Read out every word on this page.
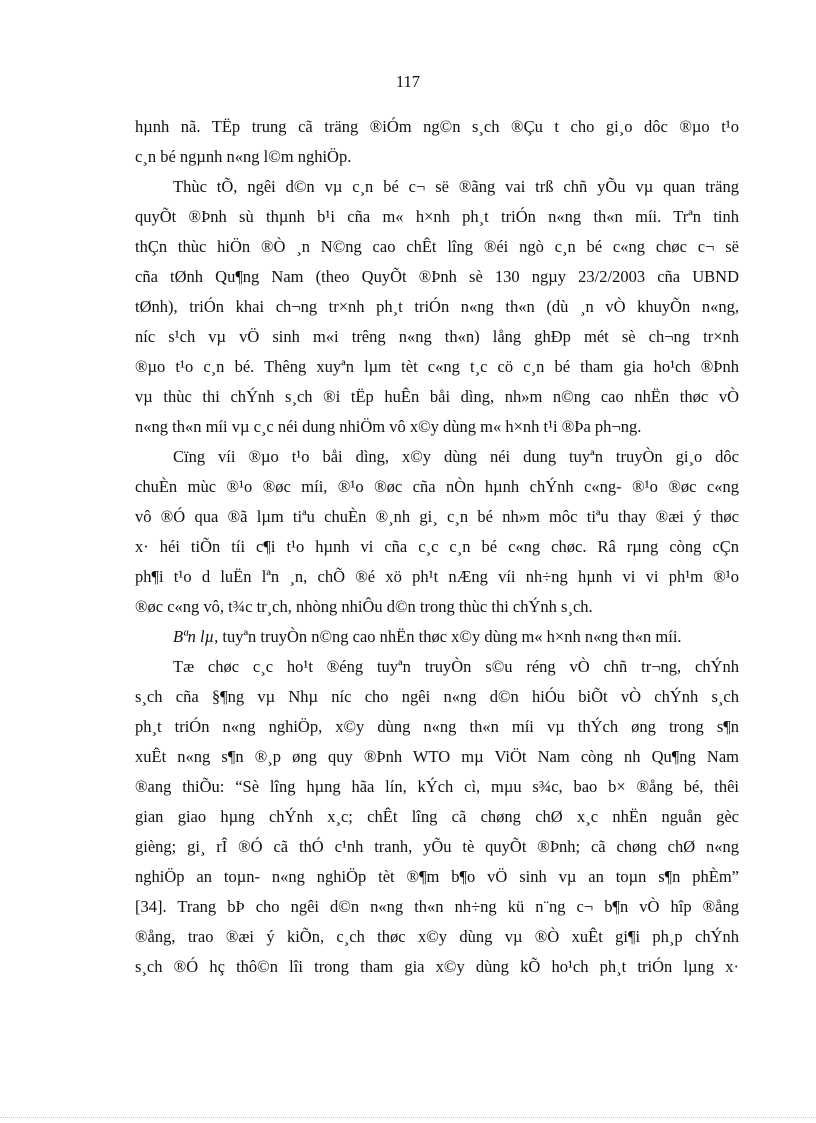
117
hµnh nã. TËp trung cã träng ®iÓm ng©n s¸ch ®Çu t cho gi¸o dôc ®µo t¹o
c¸n bé ngµnh n«ng l©m nghiÖp.
Thùc tÕ, ngêi d©n vµ c¸n bé c¬ së ®ãng vai trß chñ yÕu vµ quan träng
quyÕt ®Þnh sù thµnh b¹i cña m« h×nh ph¸t triÓn n«ng th«n míi. Trªn tinh
thÇn thùc hiÖn ®Ò ¸n N©ng cao chÊt lîng ®éi ngò c¸n bé c«ng chøc c¬ së
cña tØnh Qu¶ng Nam (theo QuyÕt ®Þnh sè 130 ngµy 23/2/2003 cña UBND
tØnh), triÓn khai ch¬ng tr×nh ph¸t triÓn n«ng th«n (dù ¸n vÒ khuyÕn n«ng,
níc s¹ch vµ vÖ sinh m«i trêng n«ng th«n) lång ghÐp mét sè ch¬ng tr×nh
®µo t¹o c¸n bé. Thêng xuyªn lµm tèt c«ng t¸c cö c¸n bé tham gia ho¹ch ®Þnh
vµ thùc thi chÝnh s¸ch ®i tËp huÊn båi dìng, nh»m n©ng cao nhËn thøc vÒ
n«ng th«n míi vµ c¸c néi dung nhiÖm vô x©y dùng m« h×nh t¹i ®Þa ph¬ng.
Cïng víi ®µo t¹o båi dìng, x©y dùng néi dung tuyªn truyÒn gi¸o dôc
chuÈn mùc ®¹o ®øc míi, ®¹o ®øc cña nÒn hµnh chÝnh c«ng- ®¹o ®øc c«ng
vô ®Ó qua ®ã lµm tiªu chuÈn ®¸nh gi¸ c¸n bé nh»m môc tiªu thay ®æi ý thøc
x· héi tiÕn tíi c¶i t¹o hµnh vi cña c¸c c¸n bé c«ng chøc. Râ rµng còng cÇn
ph¶i t¹o d luËn lªn ¸n, chÕ ®é xö ph¹t nÆng víi nh÷ng hµnh vi vi ph¹m ®¹o
®øc c«ng vô, t¾c tr¸ch, nhòng nhiÔu d©n trong thùc thi chÝnh s¸ch.
Bªn lµ, tuyªn truyÒn n©ng cao nhËn thøc x©y dùng m« h×nh n«ng th«n míi.
Tæ chøc c¸c ho¹t ®éng tuyªn truyÒn s©u réng vÒ chñ tr¬ng, chÝnh
s¸ch cña §¶ng vµ Nhµ níc cho ngêi n«ng d©n hiÓu biÕt vÒ chÝnh s¸ch
ph¸t triÓn n«ng nghiÖp, x©y dùng n«ng th«n míi vµ thÝch øng trong s¶n
xuÊt n«ng s¶n ®¸p øng quy ®Þnh WTO mµ ViÖt Nam còng nh Qu¶ng Nam
®ang thiÕu: “Sè lîng hµng hãa lín, kÝch cì, mµu s¾c, bao b× ®ång bé, thêi
gian giao hµng chÝnh x¸c; chÊt lîng cã chøng chØ x¸c nhËn nguån gèc
gièng; gi¸ rÎ ®Ó cã thÓ c¹nh tranh, yÕu tè quyÕt ®Þnh; cã chøng chØ n«ng
nghiÖp an toµn- n«ng nghiÖp tèt ®¶m b¶o vÖ sinh vµ an toµn s¶n phÈm”
[34]. Trang bÞ cho ngêi d©n n«ng th«n nh÷ng kü n¨ng c¬ b¶n vÒ hîp ®ång
®ång, trao ®æi ý kiÕn, c¸ch thøc x©y dùng vµ ®Ò xuÊt gi¶i ph¸p chÝnh
s¸ch ®Ó hç thô©n lîi trong tham gia x©y dùng kÕ ho¹ch ph¸t triÓn lµng x·
